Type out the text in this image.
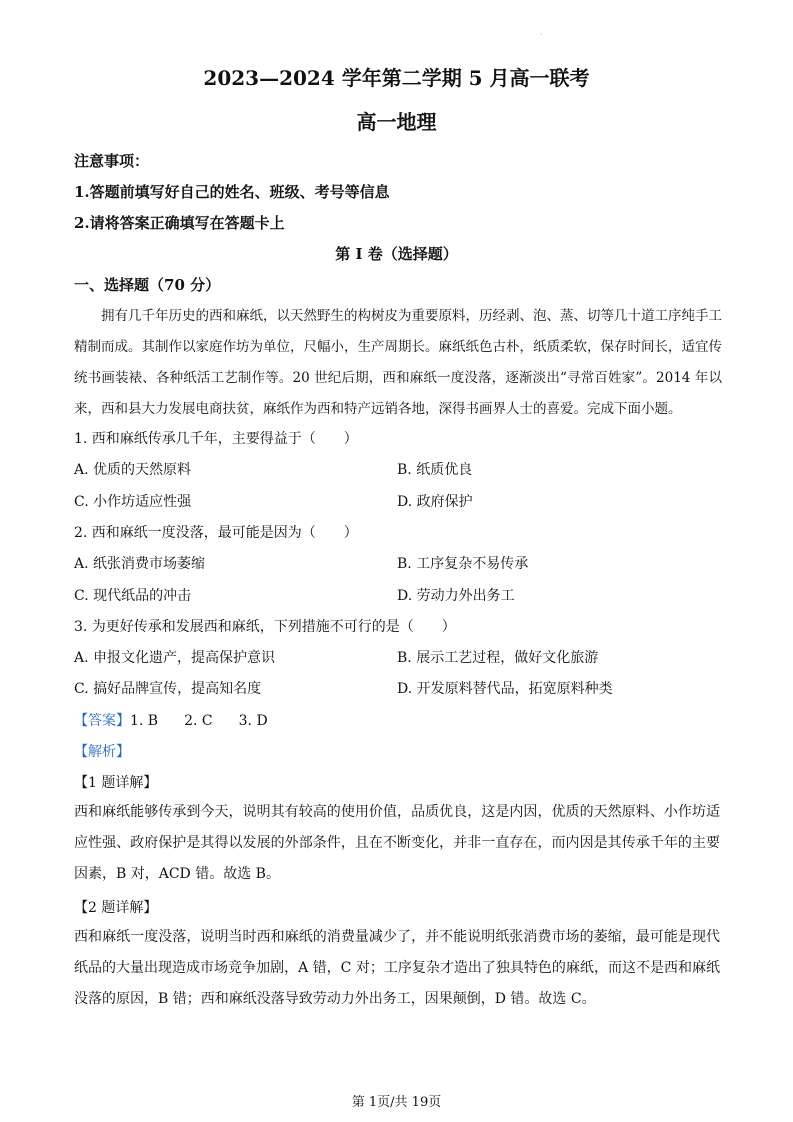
·
2023—2024 学年第二学期 5 月高一联考
高一地理
注意事项：
1.答题前填写好自己的姓名、班级、考号等信息
2.请将答案正确填写在答题卡上
第 I 卷（选择题）
一、选择题（70 分）
拥有几千年历史的西和麻纸，以天然野生的构树皮为重要原料，历经剥、泡、蒸、切等几十道工序纯手工精制而成。其制作以家庭作坊为单位，尺幅小，生产周期长。麻纸纸色古朴，纸质柔软，保存时间长，适宜传统书画装裱、各种纸活工艺制作等。20 世纪后期，西和麻纸一度没落，逐渐淡出“寻常百姓家”。2014 年以来，西和县大力发展电商扶贫，麻纸作为西和特产远销各地，深得书画界人士的喜爱。完成下面小题。
1. 西和麻纸传承几千年，主要得益于（　　）
A. 优质的天然原料	B. 纸质优良
C. 小作坊适应性强	D. 政府保护
2. 西和麻纸一度没落，最可能是因为（　　）
A. 纸张消费市场萎缩	B. 工序复杂不易传承
C. 现代纸品的冲击	D. 劳动力外出务工
3. 为更好传承和发展西和麻纸，下列措施不可行的是（　　）
A. 申报文化遗产，提高保护意识	B. 展示工艺过程，做好文化旅游
C. 搞好品牌宣传，提高知名度	D. 开发原料替代品，拓宽原料种类
【答案】1. B 2. C 3. D
【解析】
【1 题详解】
西和麻纸能够传承到今天，说明其有较高的使用价值，品质优良，这是内因，优质的天然原料、小作坊适应性强、政府保护是其得以发展的外部条件，且在不断变化，并非一直存在，而内因是其传承千年的主要因素，B 对，ACD 错。故选 B。
【2 题详解】
西和麻纸一度没落，说明当时西和麻纸的消费量减少了，并不能说明纸张消费市场的萎缩，最可能是现代纸品的大量出现造成市场竞争加剧，A 错，C 对；工序复杂才造出了独具特色的麻纸，而这不是西和麻纸没落的原因，B 错；西和麻纸没落导致劳动力外出务工，因果颠倒，D 错。故选 C。
第 1页/共 19页
